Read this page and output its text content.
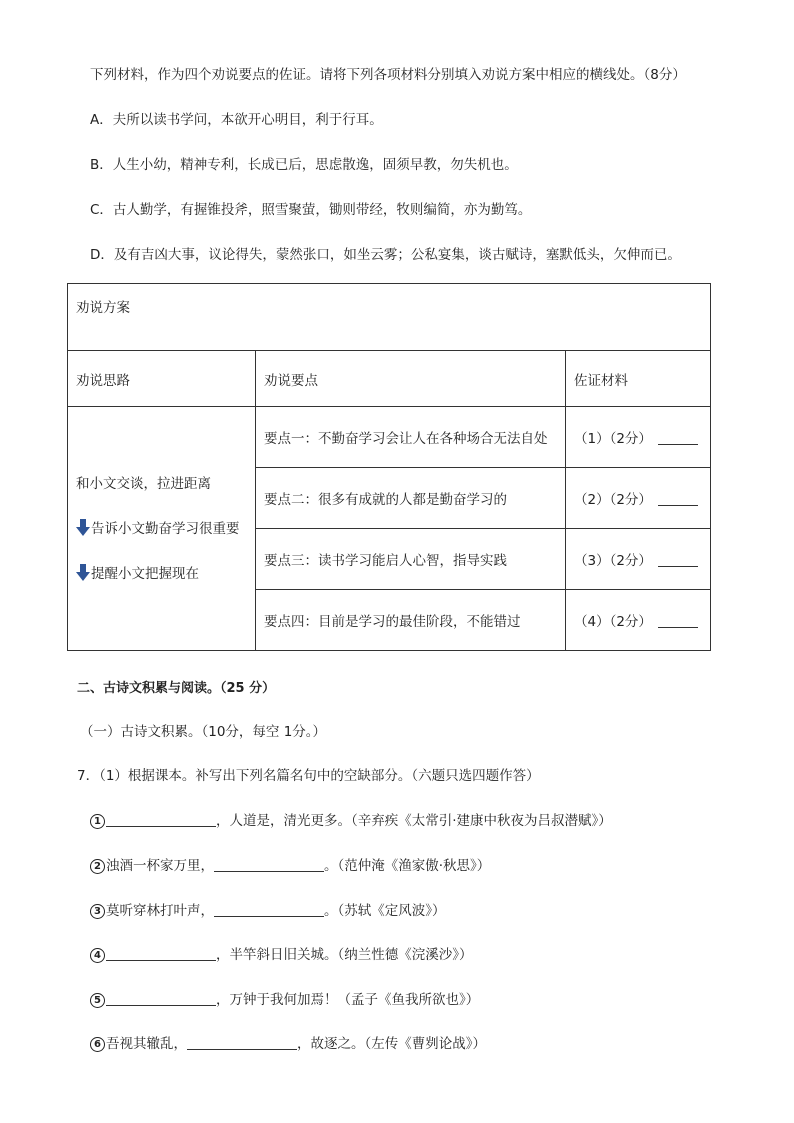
下列材料，作为四个劝说要点的佐证。请将下列各项材料分别填入劝说方案中相应的横线处。（8分）
A．夫所以读书学问，本欲开心明目，利于行耳。
B．人生小幼，精神专利，长成已后，思虑散逸，固须早教，勿失机也。
C．古人勤学，有握锥投斧，照雪聚萤，锄则带经，牧则编简，亦为勤笃。
D．及有吉凶大事，议论得失，蒙然张口，如坐云雾；公私宴集，谈古赋诗，塞默低头，欠伸而已。
劝说方案		
劝说思路	劝说要点	佐证材料

和小文交谈，拉进距离

告诉小文勤奋学习很重要

提醒小文把握现在	要点一：不勤奋学习会让人在各种场合无法自处	（1）（2分）
	要点二：很多有成就的人都是勤奋学习的	（2）（2分）
	要点三：读书学习能启人心智，指导实践	（3）（2分）
	要点四：目前是学习的最佳阶段，不能错过	（4）（2分）
二、古诗文积累与阅读。（25 分）
（一）古诗文积累。（10分，每空 1分。）
7．（1）根据课本。补写出下列名篇名句中的空缺部分。（六题只选四题作答）
1	，人道是，清光更多。（辛弃疾《太常引·建康中秋夜为吕叔潜赋》）
2 浊酒一杯家万里，	。（范仲淹《渔家傲·秋思》）
3 莫听穿林打叶声，	。（苏轼《定风波》）
4	，半竿斜日旧关城。（纳兰性德《浣溪沙》）
5	，万钟于我何加焉！（孟子《鱼我所欲也》）
6 吾视其辙乱，	，故逐之。（左传《曹刿论战》）
